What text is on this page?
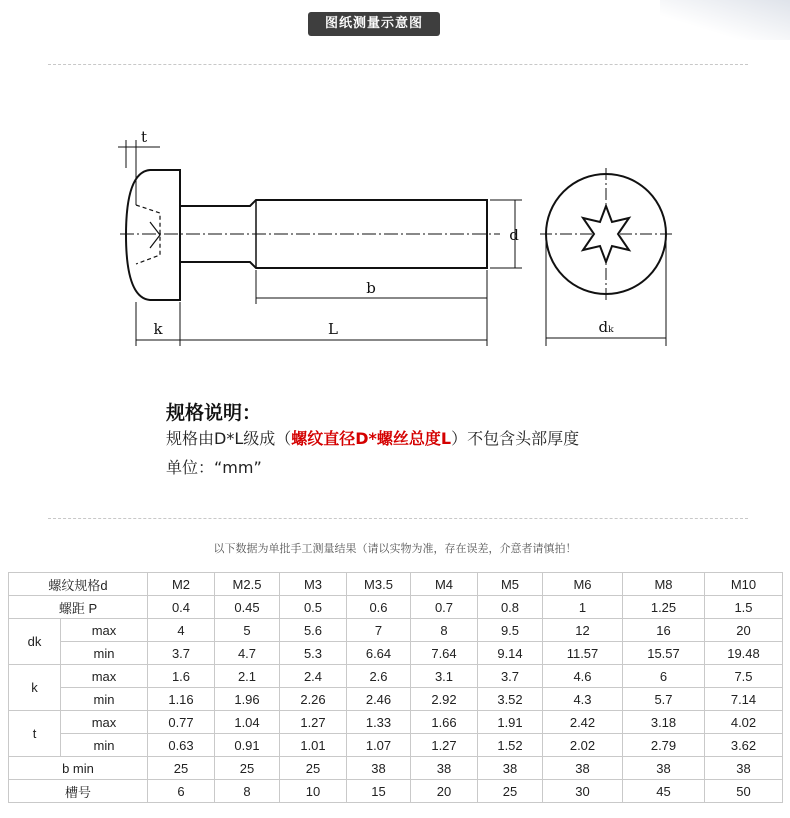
图纸测量示意图
t
d
b
k	L	dₖ
规格说明：
规格由D*L级成（螺纹直径D*螺丝总度L）不包含头部厚度
单位：“mm”
以下数据为单批手工测量结果（请以实物为准，存在误差，介意者请慎拍！
螺纹规格d		M2	M2.5	M3	M3.5	M4	M5	M6	M8	M10
螺距 P		0.4	0.45	0.5	0.6	0.7	0.8	1	1.25	1.5
dk	max	4	5	5.6	7	8	9.5	12	16	20
	min	3.7	4.7	5.3	6.64	7.64	9.14	11.57	15.57	19.48
k	max	1.6	2.1	2.4	2.6	3.1	3.7	4.6	6	7.5
	min	1.16	1.96	2.26	2.46	2.92	3.52	4.3	5.7	7.14
t	max	0.77	1.04	1.27	1.33	1.66	1.91	2.42	3.18	4.02
	min	0.63	0.91	1.01	1.07	1.27	1.52	2.02	2.79	3.62
b min		25	25	25	38	38	38	38	38	38
槽号		6	8	10	15	20	25	30	45	50
